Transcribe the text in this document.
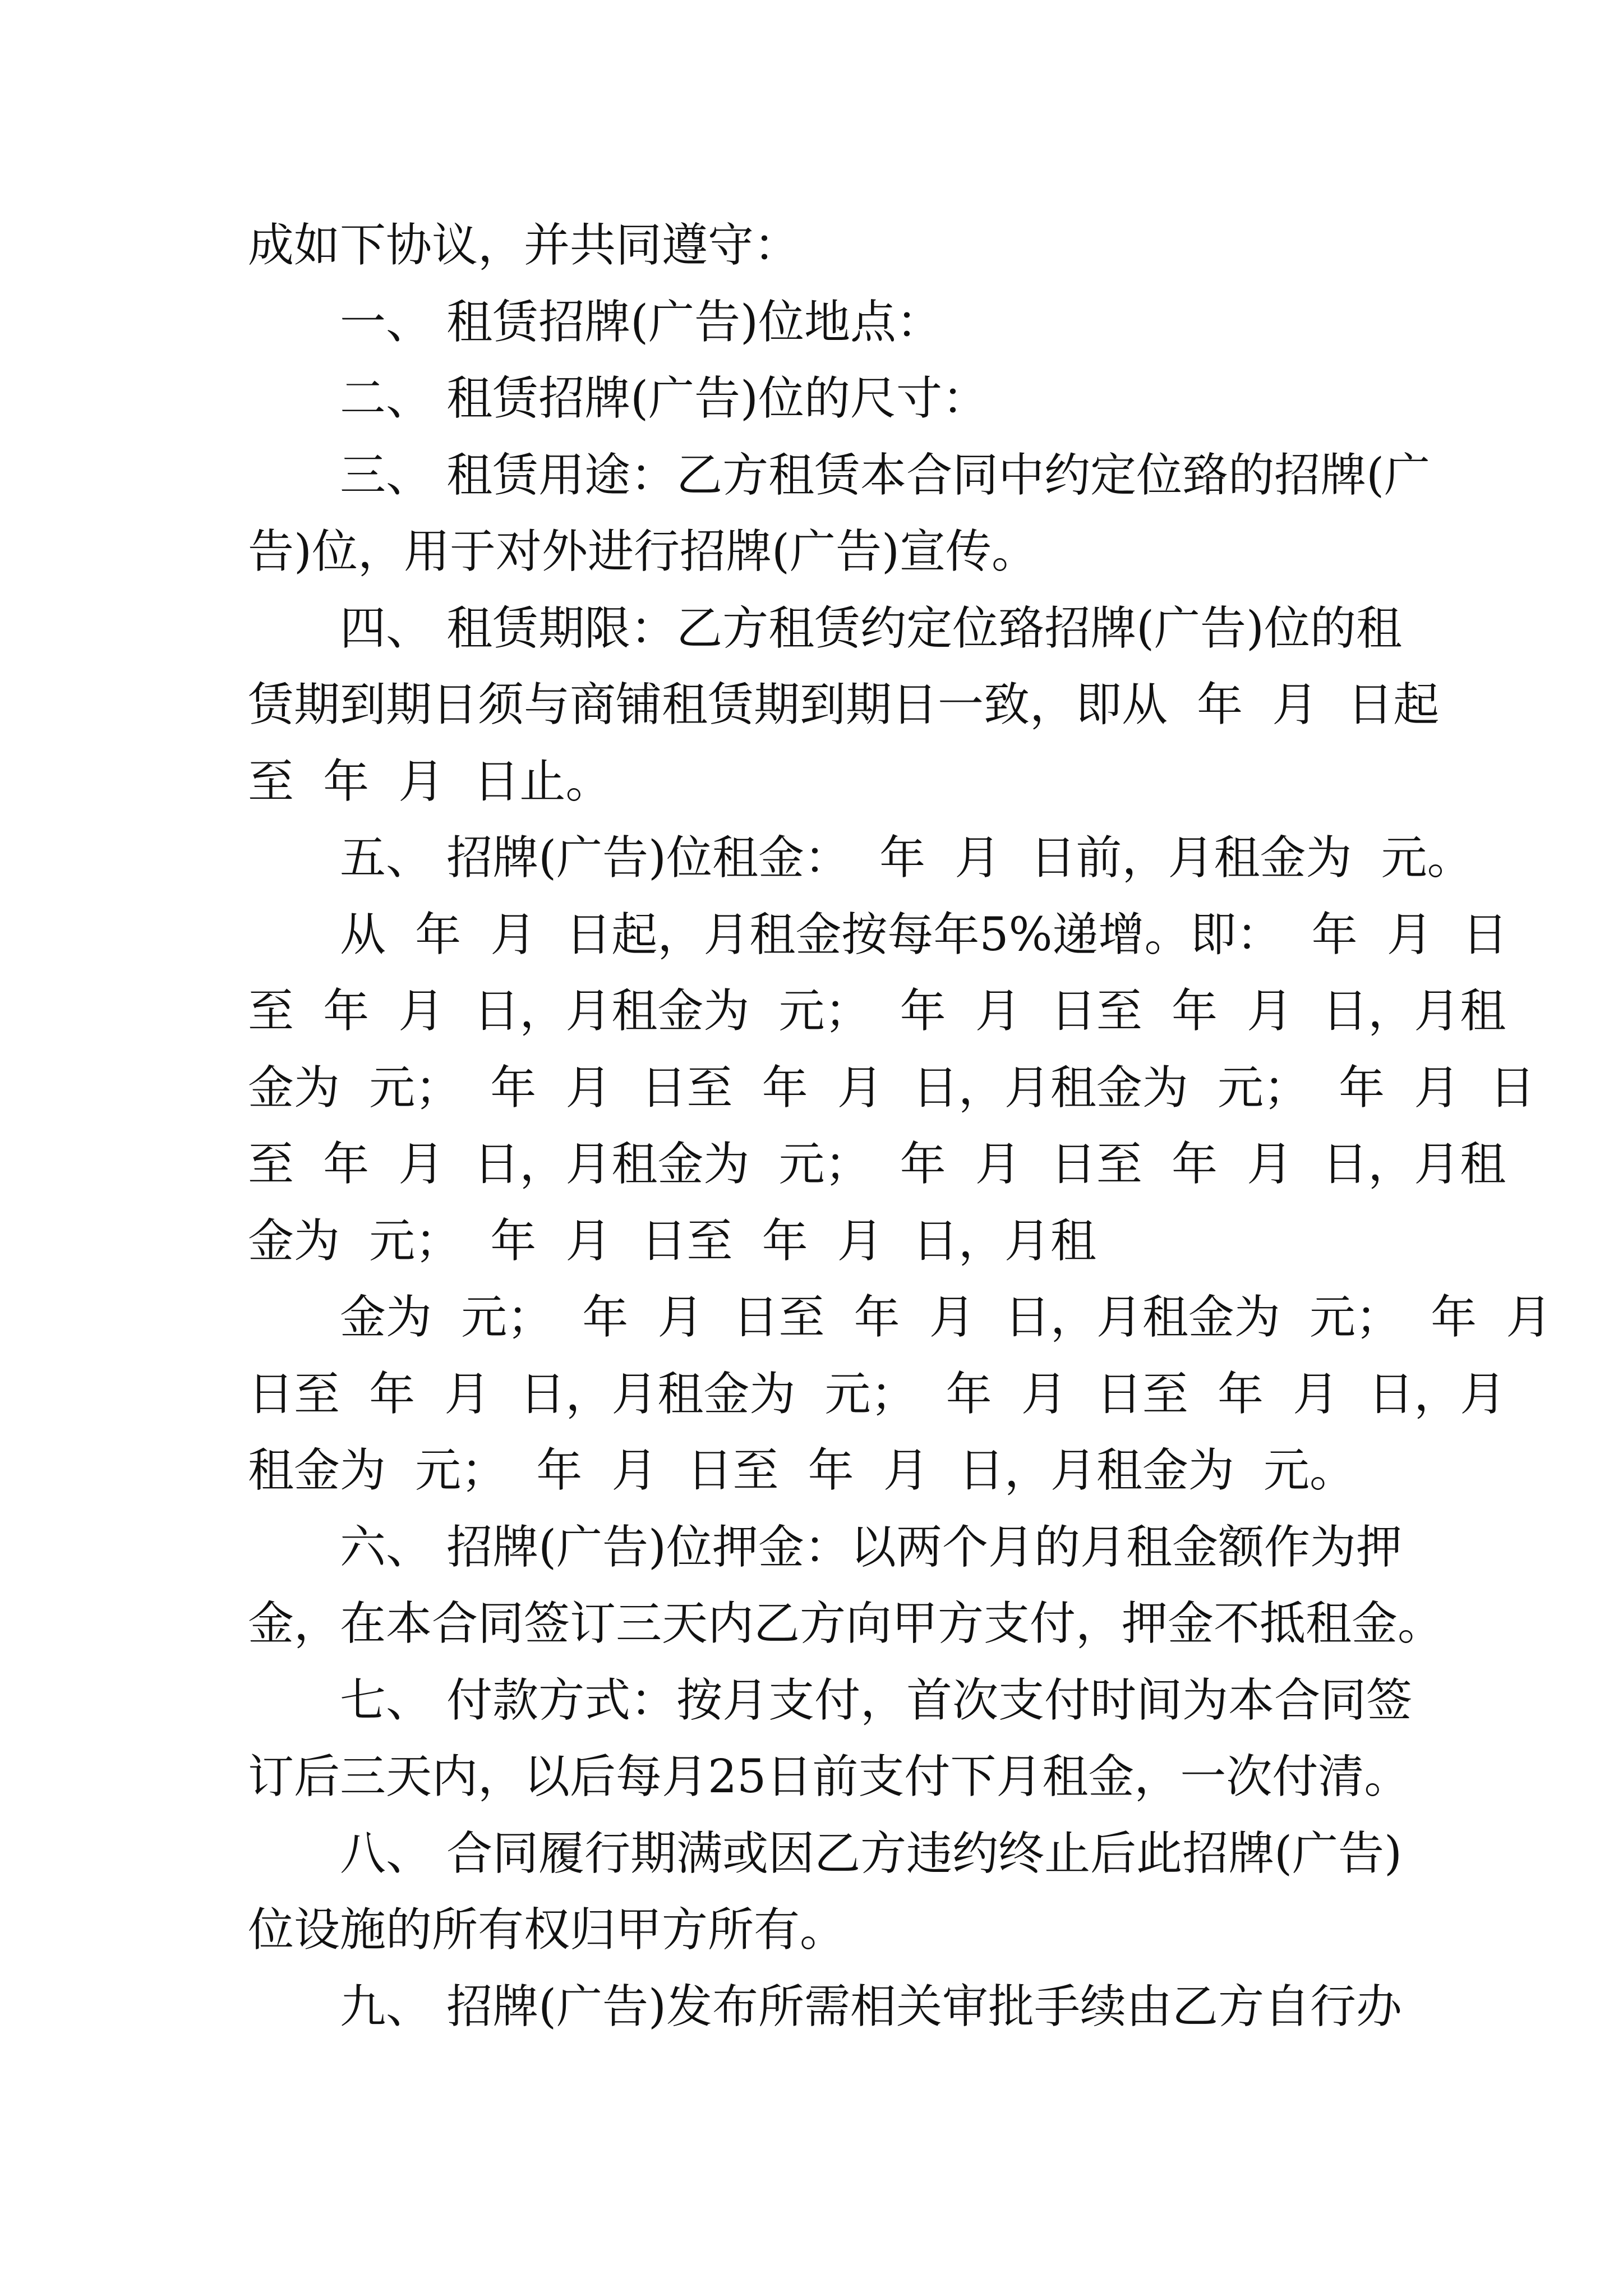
成如下协议，并共同遵守：
一、 租赁招牌(广告)位地点：
二、 租赁招牌(广告)位的尺寸：
三、 租赁用途：乙方租赁本合同中约定位臵的招牌(广
告)位，用于对外进行招牌(广告)宣传。
四、 租赁期限：乙方租赁约定位臵招牌(广告)位的租
赁期到期日须与商铺租赁期到期日一致，即从  年  月  日起
至  年  月  日止。
五、 招牌(广告)位租金：  年  月  日前，月租金为  元。
从  年  月  日起，月租金按每年5%递增。即：  年  月  日
至  年  月  日，月租金为  元；  年  月  日至  年  月  日，月租
金为  元；  年  月  日至  年  月  日，月租金为  元；  年  月  日
至  年  月  日，月租金为  元；  年  月  日至  年  月  日，月租
金为  元；  年  月  日至  年  月  日，月租
金为  元；  年  月  日至  年  月  日，月租金为  元；  年  月
日至  年  月  日，月租金为  元；  年  月  日至  年  月  日，月
租金为  元；  年  月  日至  年  月  日，月租金为  元。
六、 招牌(广告)位押金：以两个月的月租金额作为押
金，在本合同签订三天内乙方向甲方支付，押金不抵租金。
七、 付款方式：按月支付，首次支付时间为本合同签
订后三天内，以后每月25日前支付下月租金，一次付清。
八、 合同履行期满或因乙方违约终止后此招牌(广告)
位设施的所有权归甲方所有。
九、 招牌(广告)发布所需相关审批手续由乙方自行办
